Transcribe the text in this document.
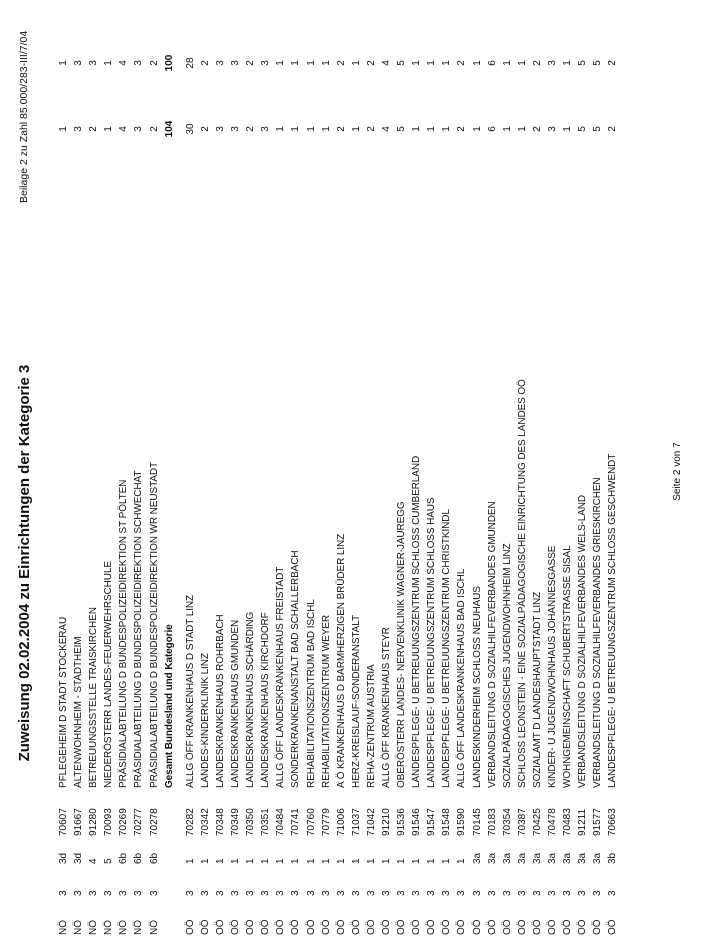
Zuweisung 02.02.2004 zu Einrichtungen der Kategorie 3
Beilage 2 zu Zahl 85.000/283-III/7/04
NÖ
3
3d
70607
PFLEGEHEIM D STADT STOCKERAU
1
1
NÖ
3
3d
91667
ALTENWOHNHEIM - STADTHEIM
3
3
NÖ
3
4
91280
BETREUUNGSSTELLE TRAISKIRCHEN
2
3
NÖ
3
5
70093
NIEDERÖSTERR LANDES-FEUERWEHRSCHULE
1
1
NÖ
3
6b
70269
PRÄSIDIALABTEILUNG D BUNDESPOLIZEIDIREKTION ST PÖLTEN
4
4
NÖ
3
6b
70277
PRÄSIDIALABTEILUNG D BUNDESPOLIZEIDIREKTION SCHWECHAT
3
3
NÖ
3
6b
70278
PRÄSIDIALABTEILUNG D BUNDESPOLIZEIDIREKTION WR NEUSTADT
2
2
Gesamt Bundesland und Kategorie
104
100
OÖ
3
1
70282
ALLG ÖFF KRANKENHAUS D STADT LINZ
30
28
OÖ
3
1
70342
LANDES-KINDERKLINIK LINZ
2
2
OÖ
3
1
70348
LANDESKRANKENHAUS ROHRBACH
3
3
OÖ
3
1
70349
LANDESKRANKENHAUS GMUNDEN
3
3
OÖ
3
1
70350
LANDESKRANKENHAUS SCHÄRDING
2
2
OÖ
3
1
70351
LANDESKRANKENHAUS KIRCHDORF
3
3
OÖ
3
1
70484
ALLG ÖFF LANDESKRANKENHAUS FREISTADT
1
1
OÖ
3
1
70741
SONDERKRANKENANSTALT BAD SCHALLERBACH
1
1
OÖ
3
1
70760
REHABILITATIONSZENTRUM BAD ISCHL
1
1
OÖ
3
1
70779
REHABILITATIONSZENTRUM WEYER
1
1
OÖ
3
1
71006
A Ö KRANKENHAUS D BARMHERZIGEN BRÜDER LINZ
2
2
OÖ
3
1
71037
HERZ-KREISLAUF-SONDERANSTALT
1
1
OÖ
3
1
71042
REHA-ZENTRUM AUSTRIA
2
2
OÖ
3
1
91210
ALLG ÖFF KRANKENHAUS STEYR
4
4
OÖ
3
1
91536
OBERÖSTERR LANDES- NERVENKLINIK WAGNER-JAUREGG
5
5
OÖ
3
1
91546
LANDESPFLEGE- U BETREUUNGSZENTRUM SCHLOSS CUMBERLAND
1
1
OÖ
3
1
91547
LANDESPFLEGE- U BETREUUNGSZENTRUM SCHLOSS HAUS
1
1
OÖ
3
1
91548
LANDESPFLEGE- U BETREUUNGSZENTRUM CHRISTKINDL
1
1
OÖ
3
1
91590
ALLG ÖFF LANDESKRANKENHAUS BAD ISCHL
2
2
OÖ
3
3a
70145
LANDESKINDERHEIM SCHLOSS NEUHAUS
1
1
OÖ
3
3a
70183
VERBANDSLEITUNG D SOZIALHILFEVERBANDES GMUNDEN
6
6
OÖ
3
3a
70354
SOZIALPÄDAGOGISCHES JUGENDWOHNHEIM LINZ
1
1
OÖ
3
3a
70387
SCHLOSS LEONSTEIN - EINE SOZIALPÄDAGOGISCHE EINRICHTUNG DES LANDES OÖ
1
1
OÖ
3
3a
70425
SOZIALAMT D LANDESHAUPTSTADT LINZ
2
2
OÖ
3
3a
70478
KINDER- U JUGENDWOHNHAUS JOHANNESGASSE
3
3
OÖ
3
3a
70483
WOHNGEMEINSCHAFT SCHUBERTSTRASSE SISAL
1
1
OÖ
3
3a
91211
VERBANDSLEITUNG D SOZIALHILFEVERBANDES WELS-LAND
5
5
OÖ
3
3a
91577
VERBANDSLEITUNG D SOZIALHILFEVERBANDES GRIESKIRCHEN
5
5
OÖ
3
3b
70663
LANDESPFLEGE- U BETREUUNGSZENTRUM SCHLOSS GESCHWENDT
2
2
Seite 2 von 7
